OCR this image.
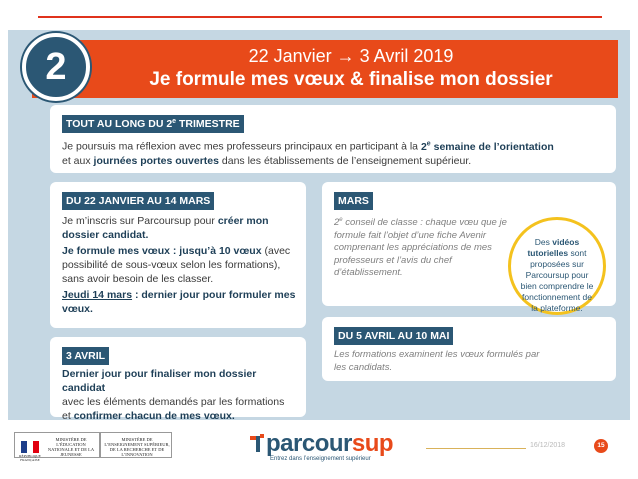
22 Janvier → 3 Avril 2019
Je formule mes vœux & finalise mon dossier
2
TOUT AU LONG DU 2e TRIMESTRE
Je poursuis ma réflexion avec mes professeurs principaux en participant à la 2e semaine de l’orientation
et aux journées portes ouvertes dans les établissements de l’enseignement supérieur.
DU 22 JANVIER AU 14 MARS
Je m’inscris sur Parcoursup pour créer mon dossier candidat.
Je formule mes vœux : jusqu’à 10 vœux (avec possibilité de sous-vœux selon les formations), sans avoir besoin de les classer.
Jeudi 14 mars : dernier jour pour formuler mes vœux.
3 AVRIL
Dernier jour pour finaliser mon dossier candidat
avec les éléments demandés par les formations
et confirmer chacun de mes vœux.
MARS
2e conseil de classe : chaque vœu que je formule fait l’objet d’une fiche Avenir comprenant les appréciations de mes professeurs et l’avis du chef d’établissement.
DU 5 AVRIL AU 10 MAI
Les formations examinent les vœux formulés par les candidats.
Des vidéos tutorielles sont proposées sur Parcoursup pour bien comprendre le fonctionnement de la plateforme.
RÉPUBLIQUE FRANÇAISE
MINISTÈRE DE L’ÉDUCATION NATIONALE ET DE LA JEUNESSE
MINISTÈRE DE L’ENSEIGNEMENT SUPÉRIEUR, DE LA RECHERCHE ET DE L’INNOVATION	parcoursup
Entrez dans l’enseignement supérieur
16/12/2018	15
